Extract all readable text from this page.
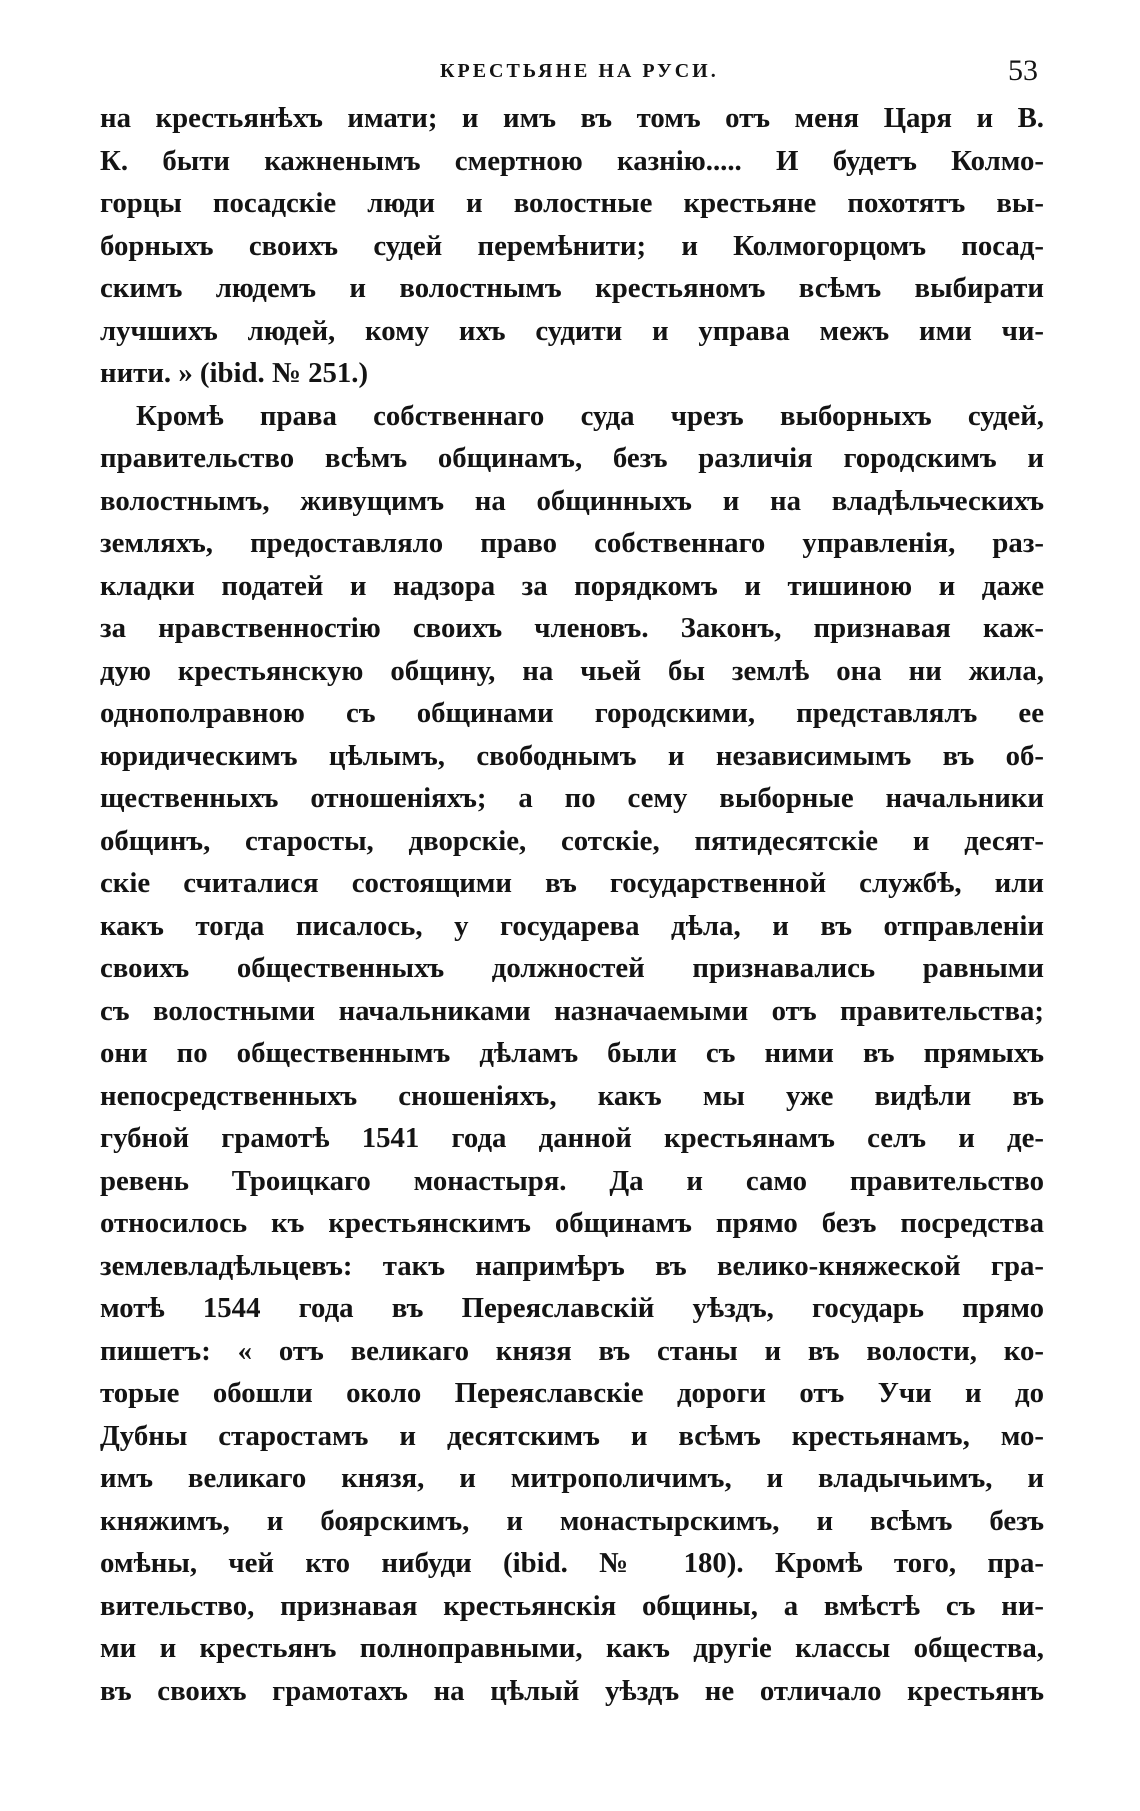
КРЕСТЬЯНЕ НА РУСИ.	53
на крестьянѣхъ имати; и имъ въ томъ отъ меня Царя и В.
К. быти кажненымъ смертною казнію..... И будетъ Колмо-
горцы посадскіе люди и волостные крестьяне похотятъ вы-
борныхъ своихъ судей перемѣнити; и Колмогорцомъ посад-
скимъ людемъ и волостнымъ крестьяномъ всѣмъ выбирати
лучшихъ людей, кому ихъ судити и управа межъ ими чи-
нити. » (ibid. № 251.)
Кромѣ права собственнаго суда чрезъ выборныхъ судей,
правительство всѣмъ общинамъ, безъ различія городскимъ и
волостнымъ, живущимъ на общинныхъ и на владѣльческихъ
земляхъ, предоставляло право собственнаго управленія, раз-
кладки податей и надзора за порядкомъ и тишиною и даже
за нравственностію своихъ членовъ. Законъ, признавая каж-
дую крестьянскую общину, на чьей бы землѣ она ни жила,
однополравною съ общинами городскими, представлялъ ее
юридическимъ цѣлымъ, свободнымъ и независимымъ въ об-
щественныхъ отношеніяхъ; а по сему выборные начальники
общинъ, старосты, дворскіе, сотскіе, пятидесятскіе и десят-
скіе считалися состоящими въ государственной службѣ, или
какъ тогда писалось, у государева дѣла, и въ отправленіи
своихъ общественныхъ должностей признавались равными
съ волостными начальниками назначаемыми отъ правительства;
они по общественнымъ дѣламъ были съ ними въ прямыхъ
непосредственныхъ сношеніяхъ, какъ мы уже видѣли въ
губной грамотѣ 1541 года данной крестьянамъ селъ и де-
ревень Троицкаго монастыря. Да и само правительство
относилось къ крестьянскимъ общинамъ прямо безъ посредства
землевладѣльцевъ: такъ напримѣръ въ велико-княжеской гра-
мотѣ 1544 года въ Переяславскій уѣздъ, государь прямо
пишетъ: « отъ великаго князя въ станы и въ волости, ко-
торые обошли около Переяславскіе дороги отъ Учи и до
Дубны старостамъ и десятскимъ и всѣмъ крестьянамъ, мо-
имъ великаго князя, и митрополичимъ, и владычьимъ, и
княжимъ, и боярскимъ, и монастырскимъ, и всѣмъ безъ
омѣны, чей кто нибуди (ibid. № 180). Кромѣ того, пра-
вительство, признавая крестьянскія общины, а вмѣстѣ съ ни-
ми и крестьянъ полноправными, какъ другіе классы общества,
въ своихъ грамотахъ на цѣлый уѣздъ не отличало крестьянъ
